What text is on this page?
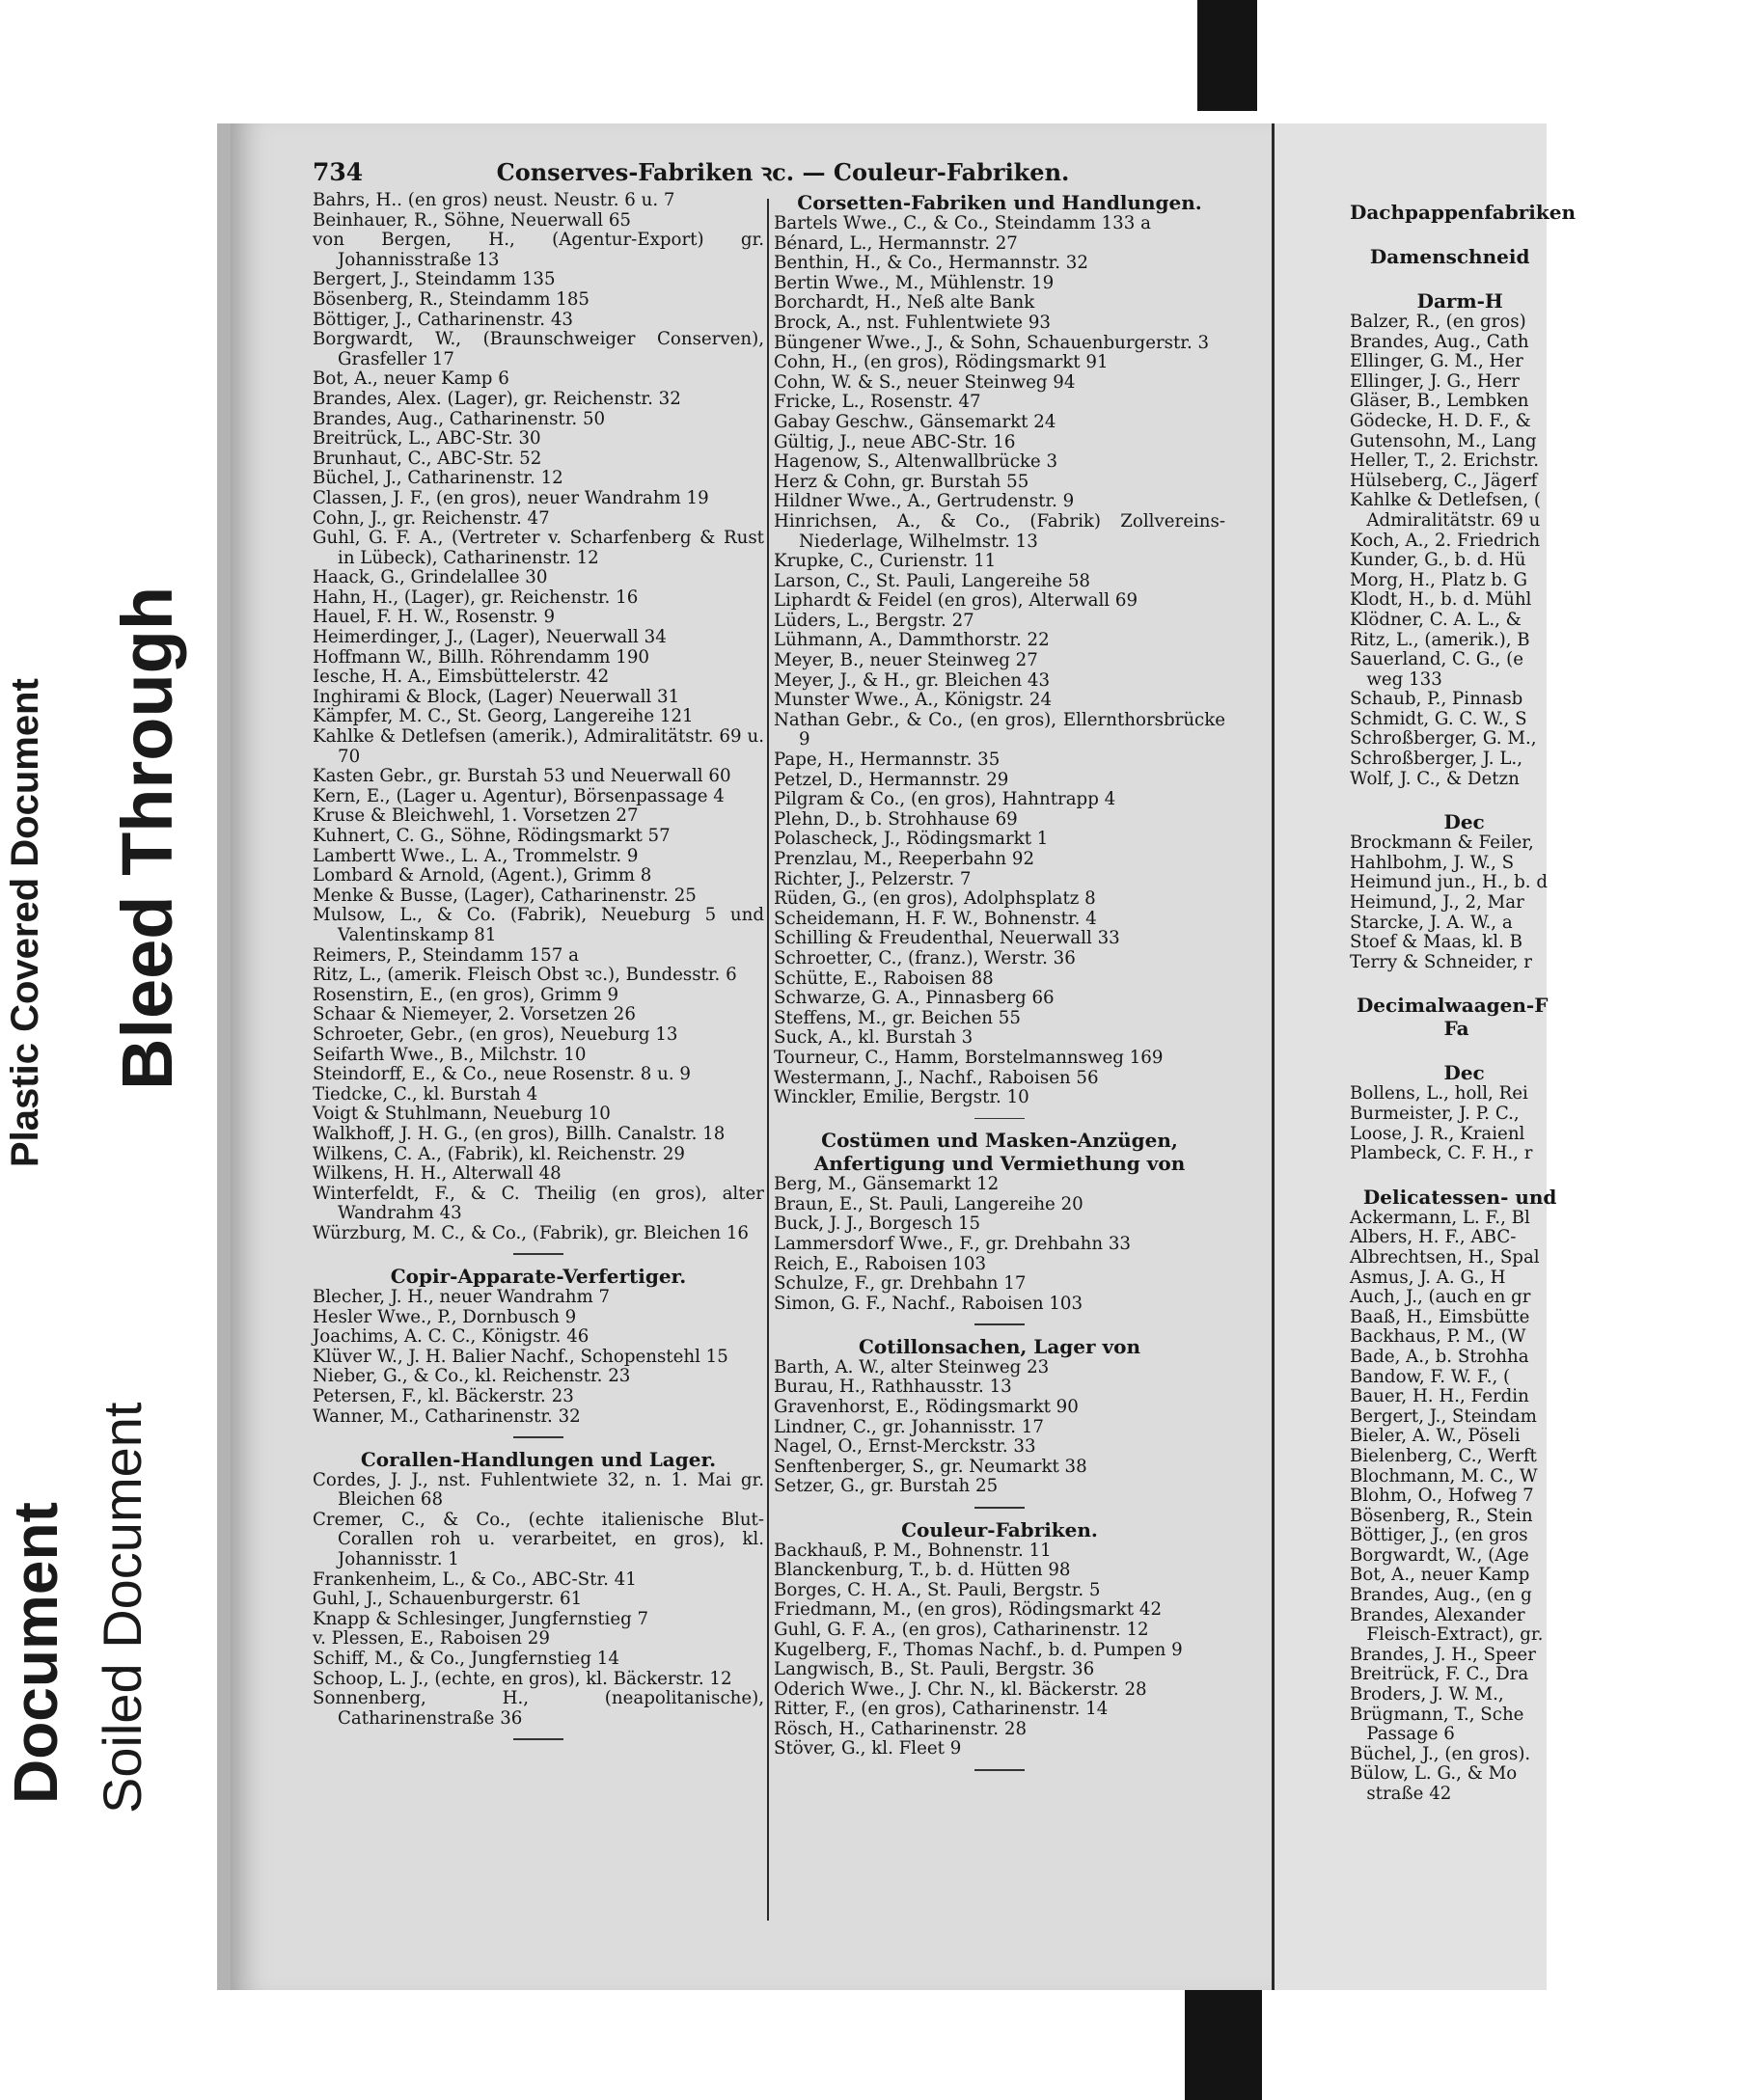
Plastic Covered Document Bleed Through
Soiled Document
Document
734	Conserves-Fabriken ꝛc. — Couleur-Fabriken.

Bahrs, H.. (en gros) neust. Neustr. 6 u. 7

Beinhauer, R., Söhne, Neuerwall 65

von Bergen, H., (Agentur-Export) gr. Johannisstraße 13

Bergert, J., Steindamm 135

Bösenberg, R., Steindamm 185

Böttiger, J., Catharinenstr. 43

Borgwardt, W., (Braunschweiger Conserven), Grasfeller 17

Bot, A., neuer Kamp 6

Brandes, Alex. (Lager), gr. Reichenstr. 32

Brandes, Aug., Catharinenstr. 50

Breitrück, L., ABC-Str. 30

Brunhaut, C., ABC-Str. 52

Büchel, J., Catharinenstr. 12

Classen, J. F., (en gros), neuer Wandrahm 19

Cohn, J., gr. Reichenstr. 47

Guhl, G. F. A., (Vertreter v. Scharfenberg & Rust in Lübeck), Catharinenstr. 12

Haack, G., Grindelallee 30

Hahn, H., (Lager), gr. Reichenstr. 16

Hauel, F. H. W., Rosenstr. 9

Heimerdinger, J., (Lager), Neuerwall 34

Hoffmann W., Billh. Röhrendamm 190

Iesche, H. A., Eimsbüttelerstr. 42

Inghirami & Block, (Lager) Neuerwall 31

Kämpfer, M. C., St. Georg, Langereihe 121

Kahlke & Detlefsen (amerik.), Admiralitätstr. 69 u. 70

Kasten Gebr., gr. Burstah 53 und Neuerwall 60

Kern, E., (Lager u. Agentur), Börsenpassage 4

Kruse & Bleichwehl, 1. Vorsetzen 27

Kuhnert, C. G., Söhne, Rödingsmarkt 57

Lambertt Wwe., L. A., Trommelstr. 9

Lombard & Arnold, (Agent.), Grimm 8

Menke & Busse, (Lager), Catharinenstr. 25

Mulsow, L., & Co. (Fabrik), Neueburg 5 und Valentinskamp 81

Reimers, P., Steindamm 157 a

Ritz, L., (amerik. Fleisch Obst ꝛc.), Bundesstr. 6

Rosenstirn, E., (en gros), Grimm 9

Schaar & Niemeyer, 2. Vorsetzen 26

Schroeter, Gebr., (en gros), Neueburg 13

Seifarth Wwe., B., Milchstr. 10

Steindorff, E., & Co., neue Rosenstr. 8 u. 9

Tiedcke, C., kl. Burstah 4

Voigt & Stuhlmann, Neueburg 10

Walkhoff, J. H. G., (en gros), Billh. Canalstr. 18

Wilkens, C. A., (Fabrik), kl. Reichenstr. 29

Wilkens, H. H., Alterwall 48

Winterfeldt, F., & C. Theilig (en gros), alter Wandrahm 43

Würzburg, M. C., & Co., (Fabrik), gr. Bleichen 16

Copir-Apparate-Verfertiger.

Blecher, J. H., neuer Wandrahm 7

Hesler Wwe., P., Dornbusch 9

Joachims, A. C. C., Königstr. 46

Klüver W., J. H. Balier Nachf., Schopenstehl 15

Nieber, G., & Co., kl. Reichenstr. 23

Petersen, F., kl. Bäckerstr. 23

Wanner, M., Catharinenstr. 32

Corallen-Handlungen und Lager.

Cordes, J. J., nst. Fuhlentwiete 32, n. 1. Mai gr. Bleichen 68

Cremer, C., & Co., (echte italienische Blut-Corallen roh u. verarbeitet, en gros), kl. Johannisstr. 1

Frankenheim, L., & Co., ABC-Str. 41

Guhl, J., Schauenburgerstr. 61

Knapp & Schlesinger, Jungfernstieg 7

v. Plessen, E., Raboisen 29

Schiff, M., & Co., Jungfernstieg 14

Schoop, L. J., (echte, en gros), kl. Bäckerstr. 12

Sonnenberg, H., (neapolitanische), Catharinenstraße 36

Corsetten-Fabriken und Handlungen.

Bartels Wwe., C., & Co., Steindamm 133 a

Bénard, L., Hermannstr. 27

Benthin, H., & Co., Hermannstr. 32

Bertin Wwe., M., Mühlenstr. 19

Borchardt, H., Neß alte Bank

Brock, A., nst. Fuhlentwiete 93

Büngener Wwe., J., & Sohn, Schauenburgerstr. 3

Cohn, H., (en gros), Rödingsmarkt 91

Cohn, W. & S., neuer Steinweg 94

Fricke, L., Rosenstr. 47

Gabay Geschw., Gänsemarkt 24

Gültig, J., neue ABC-Str. 16

Hagenow, S., Altenwallbrücke 3

Herz & Cohn, gr. Burstah 55

Hildner Wwe., A., Gertrudenstr. 9

Hinrichsen, A., & Co., (Fabrik) Zollvereins-Niederlage, Wilhelmstr. 13

Krupke, C., Curienstr. 11

Larson, C., St. Pauli, Langereihe 58

Liphardt & Feidel (en gros), Alterwall 69

Lüders, L., Bergstr. 27

Lühmann, A., Dammthorstr. 22

Meyer, B., neuer Steinweg 27

Meyer, J., & H., gr. Bleichen 43

Munster Wwe., A., Königstr. 24

Nathan Gebr., & Co., (en gros), Ellernthorsbrücke 9

Pape, H., Hermannstr. 35

Petzel, D., Hermannstr. 29

Pilgram & Co., (en gros), Hahntrapp 4

Plehn, D., b. Strohhause 69

Polascheck, J., Rödingsmarkt 1

Prenzlau, M., Reeperbahn 92

Richter, J., Pelzerstr. 7

Rüden, G., (en gros), Adolphsplatz 8

Scheidemann, H. F. W., Bohnenstr. 4

Schilling & Freudenthal, Neuerwall 33

Schroetter, C., (franz.), Werstr. 36

Schütte, E., Raboisen 88

Schwarze, G. A., Pinnasberg 66

Steffens, M., gr. Beichen 55

Suck, A., kl. Burstah 3

Tourneur, C., Hamm, Borstelmannsweg 169

Westermann, J., Nachf., Raboisen 56

Winckler, Emilie, Bergstr. 10

Costümen und Masken-Anzügen,

Anfertigung und Vermiethung von

Berg, M., Gänsemarkt 12

Braun, E., St. Pauli, Langereihe 20

Buck, J. J., Borgesch 15

Lammersdorf Wwe., F., gr. Drehbahn 33

Reich, E., Raboisen 103

Schulze, F., gr. Drehbahn 17

Simon, G. F., Nachf., Raboisen 103

Cotillonsachen, Lager von

Barth, A. W., alter Steinweg 23

Burau, H., Rathhausstr. 13

Gravenhorst, E., Rödingsmarkt 90

Lindner, C., gr. Johannisstr. 17

Nagel, O., Ernst-Merckstr. 33

Senftenberger, S., gr. Neumarkt 38

Setzer, G., gr. Burstah 25

Couleur-Fabriken.

Backhauß, P. M., Bohnenstr. 11

Blanckenburg, T., b. d. Hütten 98

Borges, C. H. A., St. Pauli, Bergstr. 5

Friedmann, M., (en gros), Rödingsmarkt 42

Guhl, G. F. A., (en gros), Catharinenstr. 12

Kugelberg, F., Thomas Nachf., b. d. Pumpen 9

Langwisch, B., St. Pauli, Bergstr. 36

Oderich Wwe., J. Chr. N., kl. Bäckerstr. 28

Ritter, F., (en gros), Catharinenstr. 14

Rösch, H., Catharinenstr. 28

Stöver, G., kl. Fleet 9

Dachpappenfabriken
Damenschneid
Darm-H
Balzer, R., (en gros)
Brandes, Aug., Cath
Ellinger, G. M., Her
Ellinger, J. G., Herr
Gläser, B., Lembken
Gödecke, H. D. F., &
Gutensohn, M., Lang
Heller, T., 2. Erichstr.
Hülseberg, C., Jägerf
Kahlke & Detlefsen, (
Admiralitätstr. 69 u
Koch, A., 2. Friedrich
Kunder, G., b. d. Hü
Morg, H., Platz b. G
Klodt, H., b. d. Mühl
Klödner, C. A. L., &
Ritz, L., (amerik.), B
Sauerland, C. G., (e
weg 133
Schaub, P., Pinnasb
Schmidt, G. C. W., S
Schroßberger, G. M.,
Schroßberger, J. L.,
Wolf, J. C., & Detzn
Dec
Brockmann & Feiler,
Hahlbohm, J. W., S
Heimund jun., H., b. d
Heimund, J., 2, Mar
Starcke, J. A. W., a
Stoef & Maas, kl. B
Terry & Schneider, r
Decimalwaagen-F
Fa
Dec
Bollens, L., holl, Rei
Burmeister, J. P. C.,
Loose, J. R., Kraienl
Plambeck, C. F. H., r
Delicatessen- und
Ackermann, L. F., Bl
Albers, H. F., ABC-
Albrechtsen, H., Spal
Asmus, J. A. G., H
Auch, J., (auch en gr
Baaß, H., Eimsbütte
Backhaus, P. M., (W
Bade, A., b. Strohha
Bandow, F. W. F., (
Bauer, H. H., Ferdin
Bergert, J., Steindam
Bieler, A. W., Pöseli
Bielenberg, C., Werft
Blochmann, M. C., W
Blohm, O., Hofweg 7
Bösenberg, R., Stein
Böttiger, J., (en gros
Borgwardt, W., (Age
Bot, A., neuer Kamp
Brandes, Aug., (en g
Brandes, Alexander
Fleisch-Extract), gr.
Brandes, J. H., Speer
Breitrück, F. C., Dra
Broders, J. W. M.,
Brügmann, T., Sche
Passage 6
Büchel, J., (en gros).
Bülow, L. G., & Mo
straße 42
